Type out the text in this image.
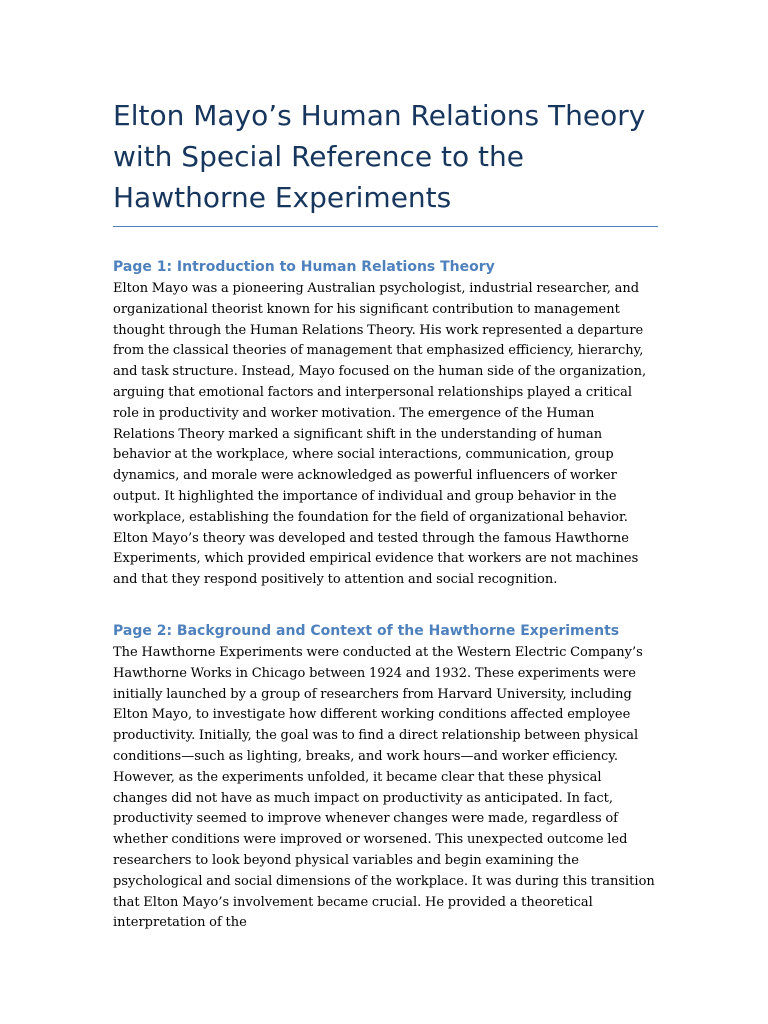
Elton Mayo’s Human Relations Theory with Special Reference to the Hawthorne Experiments
Page 1: Introduction to Human Relations Theory

Elton Mayo was a pioneering Australian psychologist, industrial researcher, and organizational theorist known for his significant contribution to management thought through the Human Relations Theory. His work represented a departure from the classical theories of management that emphasized efficiency, hierarchy, and task structure. Instead, Mayo focused on the human side of the organization, arguing that emotional factors and interpersonal relationships played a critical role in productivity and worker motivation. The emergence of the Human Relations Theory marked a significant shift in the understanding of human behavior at the workplace, where social interactions, communication, group dynamics, and morale were acknowledged as powerful influencers of worker output. It highlighted the importance of individual and group behavior in the workplace, establishing the foundation for the field of organizational behavior. Elton Mayo’s theory was developed and tested through the famous Hawthorne Experiments, which provided empirical evidence that workers are not machines and that they respond positively to attention and social recognition.

Page 2: Background and Context of the Hawthorne Experiments

The Hawthorne Experiments were conducted at the Western Electric Company’s Hawthorne Works in Chicago between 1924 and 1932. These experiments were initially launched by a group of researchers from Harvard University, including Elton Mayo, to investigate how different working conditions affected employee productivity. Initially, the goal was to find a direct relationship between physical conditions—such as lighting, breaks, and work hours—and worker efficiency. However, as the experiments unfolded, it became clear that these physical changes did not have as much impact on productivity as anticipated. In fact, productivity seemed to improve whenever changes were made, regardless of whether conditions were improved or worsened. This unexpected outcome led researchers to look beyond physical variables and begin examining the psychological and social dimensions of the workplace. It was during this transition that Elton Mayo’s involvement became crucial. He provided a theoretical interpretation of the
